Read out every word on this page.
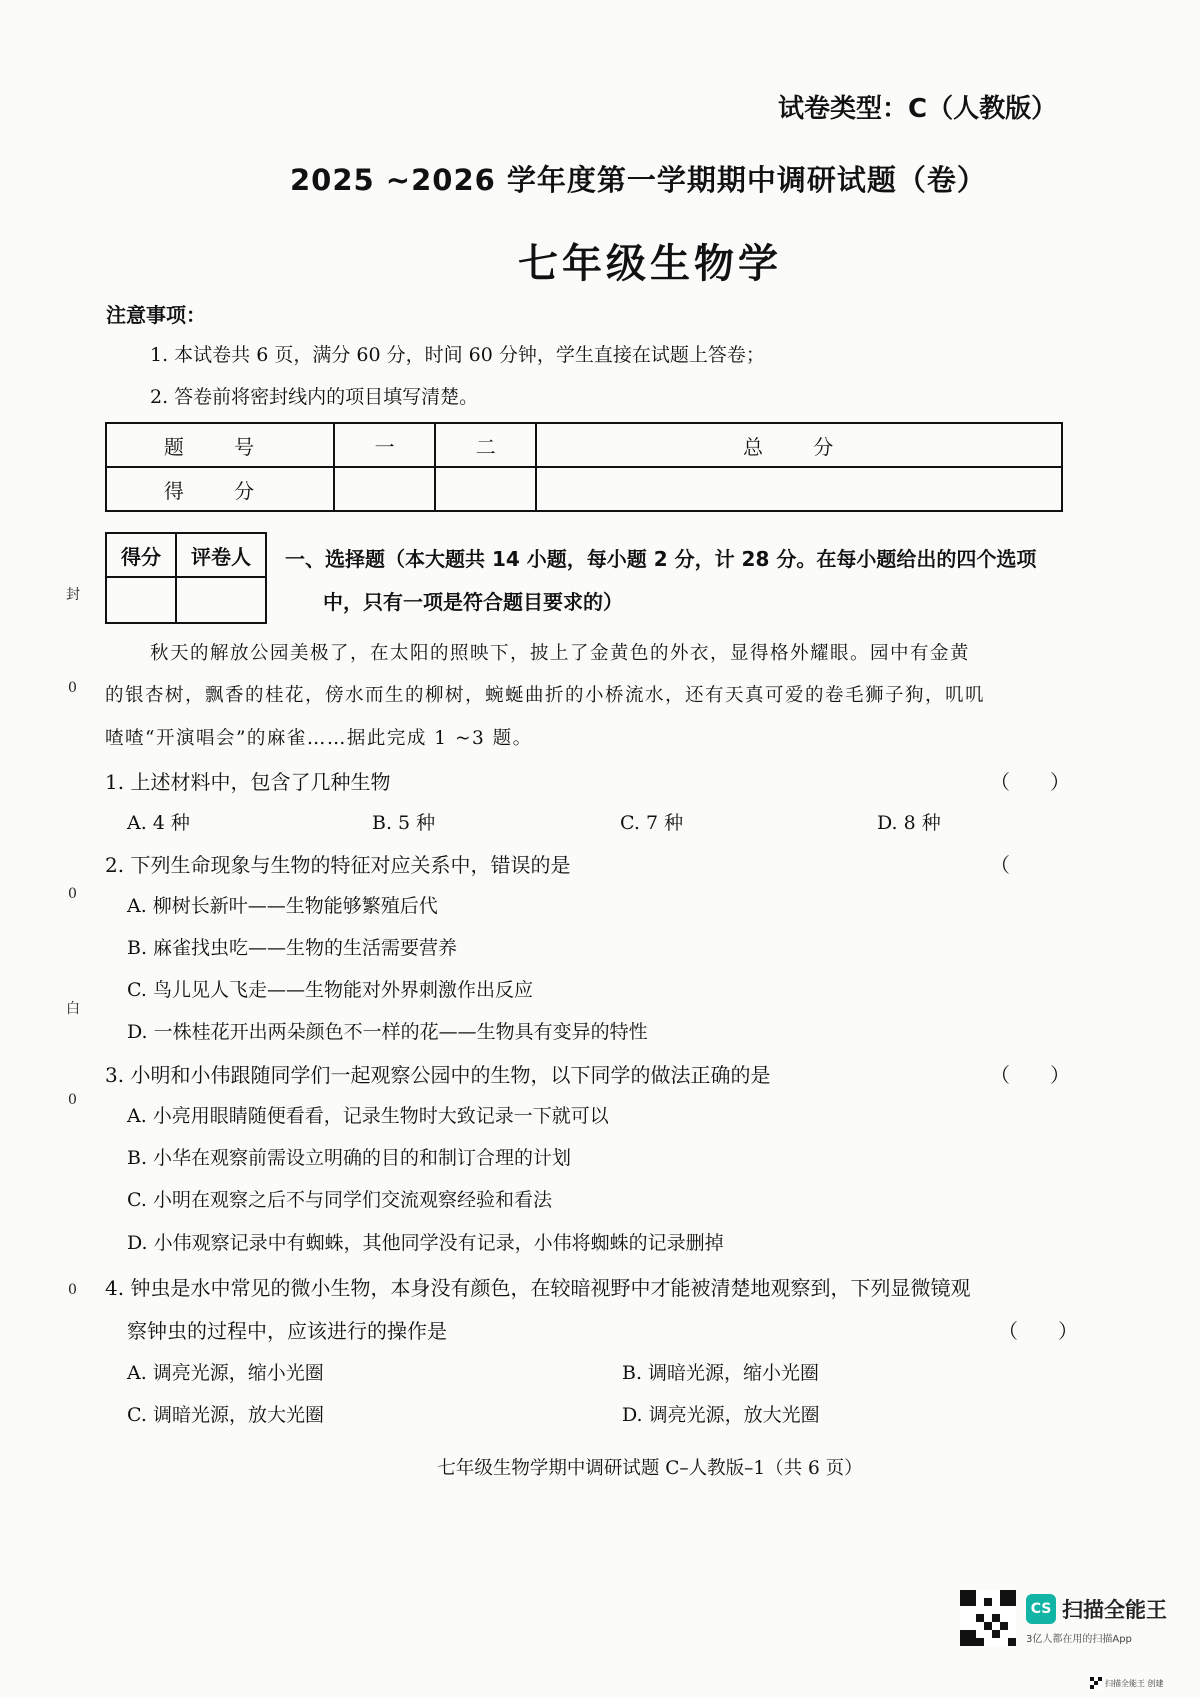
试卷类型：C（人教版）
2025 ~2026 学年度第一学期期中调研试题（卷）
七年级生物学
注意事项：
1. 本试卷共 6 页，满分 60 分，时间 60 分钟，学生直接在试题上答卷；
2. 答卷前将密封线内的项目填写清楚。
题 号	一	二	总 分
得 分			
得分	评卷人
	一、选择题（本大题共 14 小题，每小题 2 分，计 28 分。在每小题给出的四个选项
中，只有一项是符合题目要求的）
秋天的解放公园美极了，在太阳的照映下，披上了金黄色的外衣，显得格外耀眼。园中有金黄
的银杏树，飘香的桂花，傍水而生的柳树，蜿蜒曲折的小桥流水，还有天真可爱的卷毛狮子狗，叽叽
喳喳“开演唱会”的麻雀……据此完成 1 ~3 题。
1. 上述材料中，包含了几种生物	（　　）
A. 4 种	B. 5 种	C. 7 种	D. 8 种
2. 下列生命现象与生物的特征对应关系中，错误的是	（
A. 柳树长新叶——生物能够繁殖后代
B. 麻雀找虫吃——生物的生活需要营养
C. 鸟儿见人飞走——生物能对外界刺激作出反应
D. 一株桂花开出两朵颜色不一样的花——生物具有变异的特性
3. 小明和小伟跟随同学们一起观察公园中的生物，以下同学的做法正确的是	（　　）
A. 小亮用眼睛随便看看，记录生物时大致记录一下就可以
B. 小华在观察前需设立明确的目的和制订合理的计划
C. 小明在观察之后不与同学们交流观察经验和看法
D. 小伟观察记录中有蜘蛛，其他同学没有记录，小伟将蜘蛛的记录删掉
4. 钟虫是水中常见的微小生物，本身没有颜色，在较暗视野中才能被清楚地观察到，下列显微镜观
察钟虫的过程中，应该进行的操作是	（　　）
A. 调亮光源，缩小光圈	B. 调暗光源，缩小光圈
C. 调暗光源，放大光圈	D. 调亮光源，放大光圈
七年级生物学期中调研试题 C–人教版–1（共 6 页）
封
0
0
白
0
0
CS 扫描全能王
3亿人都在用的扫描App
扫描全能王 创建
